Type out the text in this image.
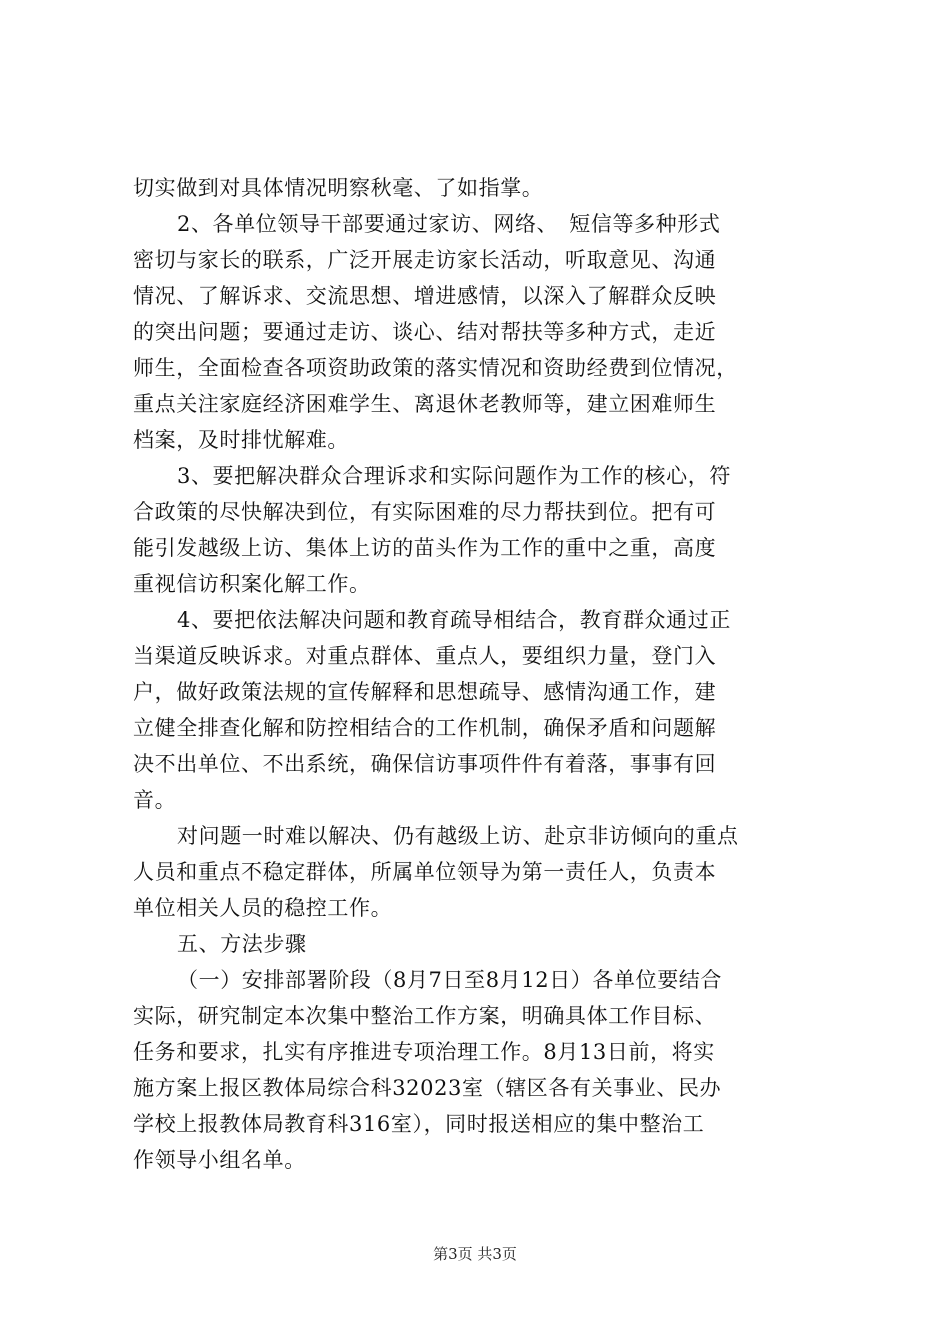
切实做到对具体情况明察秋毫、了如指掌。
2、各单位领导干部要通过家访、网络、　短信等多种形式
密切与家长的联系，广泛开展走访家长活动，听取意见、沟通
情况、了解诉求、交流思想、增进感情，以深入了解群众反映
的突出问题；要通过走访、谈心、结对帮扶等多种方式，走近
师生，全面检查各项资助政策的落实情况和资助经费到位情况，
重点关注家庭经济困难学生、离退休老教师等，建立困难师生
档案，及时排忧解难。
3、要把解决群众合理诉求和实际问题作为工作的核心，符
合政策的尽快解决到位，有实际困难的尽力帮扶到位。把有可
能引发越级上访、集体上访的苗头作为工作的重中之重，高度
重视信访积案化解工作。
4、要把依法解决问题和教育疏导相结合，教育群众通过正
当渠道反映诉求。对重点群体、重点人，要组织力量，登门入
户，做好政策法规的宣传解释和思想疏导、感情沟通工作，建
立健全排查化解和防控相结合的工作机制，确保矛盾和问题解
决不出单位、不出系统，确保信访事项件件有着落，事事有回
音。
对问题一时难以解决、仍有越级上访、赴京非访倾向的重点
人员和重点不稳定群体，所属单位领导为第一责任人，负责本
单位相关人员的稳控工作。
五、方法步骤
（一）安排部署阶段（8月7日至8月12日）各单位要结合
实际，研究制定本次集中整治工作方案，明确具体工作目标、
任务和要求，扎实有序推进专项治理工作。8月13日前，将实
施方案上报区教体局综合科32023室（辖区各有关事业、民办
学校上报教体局教育科316室），同时报送相应的集中整治工
作领导小组名单。
第3页 共3页
